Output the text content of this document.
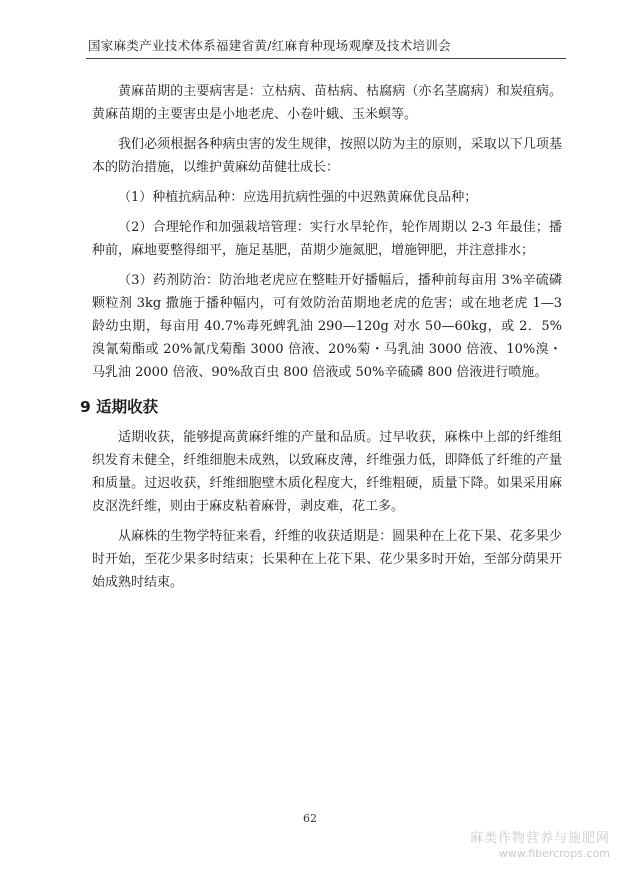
国家麻类产业技术体系福建省黄/红麻育种现场观摩及技术培训会

黄麻苗期的主要病害是：立枯病、苗枯病、枯腐病（亦名茎腐病）和炭疽病。黄麻苗期的主要害虫是小地老虎、小卷叶蛾、玉米螟等。

我们必须根据各种病虫害的发生规律，按照以防为主的原则，采取以下几项基本的防治措施，以维护黄麻幼苗健壮成长：

（1）种植抗病品种：应选用抗病性强的中迟熟黄麻优良品种；

（2）合理轮作和加强栽培管理：实行水旱轮作，轮作周期以 2-3 年最佳；播种前，麻地要整得细平，施足基肥，苗期少施氮肥，增施钾肥，并注意排水；

（3）药剂防治：防治地老虎应在整畦开好播幅后，播种前每亩用 3%辛硫磷颗粒剂 3kg 撒施于播种幅内，可有效防治苗期地老虎的危害；或在地老虎 1—3 龄幼虫期，每亩用 40.7%毒死蜱乳油 290—120g 对水 50—60kg，或 2．5%溴氰菊酯或 20%氰戊菊酯 3000 倍液、20%菊・马乳油 3000 倍液、10%溴・马乳油 2000 倍液、90%敌百虫 800 倍液或 50%辛硫磷 800 倍液进行喷施。

9 适期收获

适期收获，能够提高黄麻纤维的产量和品质。过早收获，麻株中上部的纤维组织发育未健全，纤维细胞未成熟，以致麻皮薄，纤维强力低，即降低了纤维的产量和质量。过迟收获，纤维细胞壁木质化程度大，纤维粗硬，质量下降。如果采用麻皮沤洗纤维，则由于麻皮粘着麻骨，剥皮难，花工多。

从麻株的生物学特征来看，纤维的收获适期是：圆果种在上花下果、花多果少时开始，至花少果多时结束；长果种在上花下果、花少果多时开始，至部分荫果开始成熟时结束。

62
麻类作物营养与施肥网
www.fibercrops.com
